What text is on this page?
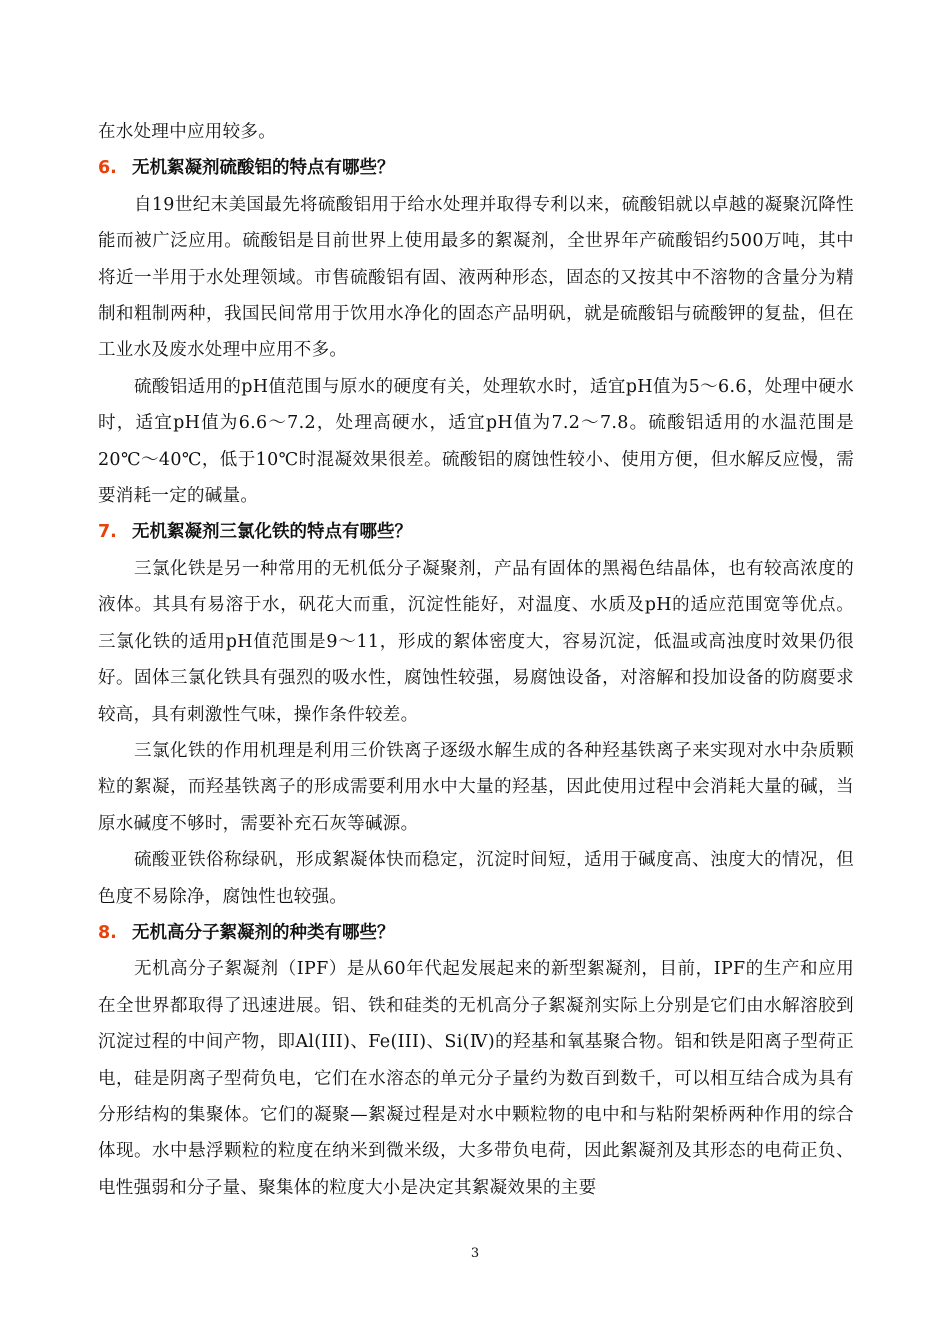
在水处理中应用较多。

6. 无机絮凝剂硫酸铝的特点有哪些？

自19世纪末美国最先将硫酸铝用于给水处理并取得专利以来，硫酸铝就以卓越的凝聚沉降性能而被广泛应用。硫酸铝是目前世界上使用最多的絮凝剂，全世界年产硫酸铝约500万吨，其中将近一半用于水处理领域。市售硫酸铝有固、液两种形态，固态的又按其中不溶物的含量分为精制和粗制两种，我国民间常用于饮用水净化的固态产品明矾，就是硫酸铝与硫酸钾的复盐，但在工业水及废水处理中应用不多。

硫酸铝适用的pH值范围与原水的硬度有关，处理软水时，适宜pH值为5～6.6，处理中硬水时，适宜pH值为6.6～7.2，处理高硬水，适宜pH值为7.2～7.8。硫酸铝适用的水温范围是20℃～40℃，低于10℃时混凝效果很差。硫酸铝的腐蚀性较小、使用方便，但水解反应慢，需要消耗一定的碱量。

7. 无机絮凝剂三氯化铁的特点有哪些？

三氯化铁是另一种常用的无机低分子凝聚剂，产品有固体的黑褐色结晶体，也有较高浓度的液体。其具有易溶于水，矾花大而重，沉淀性能好，对温度、水质及pH的适应范围宽等优点。三氯化铁的适用pH值范围是9～11，形成的絮体密度大，容易沉淀，低温或高浊度时效果仍很好。固体三氯化铁具有强烈的吸水性，腐蚀性较强，易腐蚀设备，对溶解和投加设备的防腐要求较高，具有刺激性气味，操作条件较差。

三氯化铁的作用机理是利用三价铁离子逐级水解生成的各种羟基铁离子来实现对水中杂质颗粒的絮凝，而羟基铁离子的形成需要利用水中大量的羟基，因此使用过程中会消耗大量的碱，当原水碱度不够时，需要补充石灰等碱源。

硫酸亚铁俗称绿矾，形成絮凝体快而稳定，沉淀时间短，适用于碱度高、浊度大的情况，但色度不易除净，腐蚀性也较强。

8. 无机高分子絮凝剂的种类有哪些？

无机高分子絮凝剂（IPF）是从60年代起发展起来的新型絮凝剂，目前，IPF的生产和应用在全世界都取得了迅速进展。铝、铁和硅类的无机高分子絮凝剂实际上分别是它们由水解溶胶到沉淀过程的中间产物，即Al(III)、Fe(III)、Si(Ⅳ)的羟基和氧基聚合物。铝和铁是阳离子型荷正电，硅是阴离子型荷负电，它们在水溶态的单元分子量约为数百到数千，可以相互结合成为具有分形结构的集聚体。它们的凝聚—絮凝过程是对水中颗粒物的电中和与粘附架桥两种作用的综合体现。水中悬浮颗粒的粒度在纳米到微米级，大多带负电荷，因此絮凝剂及其形态的电荷正负、电性强弱和分子量、聚集体的粒度大小是决定其絮凝效果的主要

3
